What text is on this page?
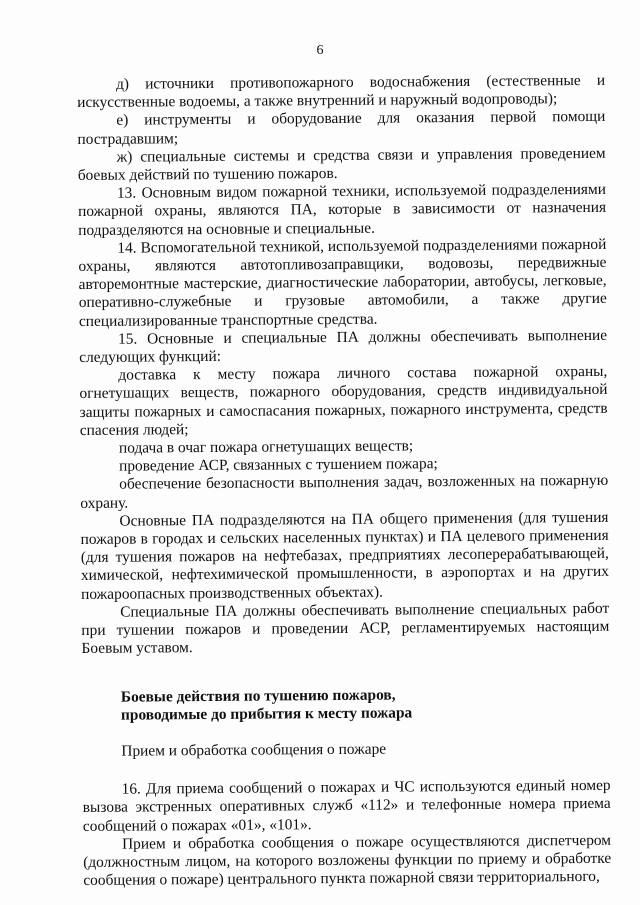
6

д) источники противопожарного водоснабжения (естественные и искусственные водоемы, а также внутренний и наружный водопроводы);

е) инструменты и оборудование для оказания первой помощи пострадавшим;

ж) специальные системы и средства связи и управления проведением боевых действий по тушению пожаров.

13. Основным видом пожарной техники, используемой подразделениями пожарной охраны, являются ПА, которые в зависимости от назначения подразделяются на основные и специальные.

14. Вспомогательной техникой, используемой подразделениями пожарной охраны, являются автотопливозаправщики, водовозы, передвижные авторемонтные мастерские, диагностические лаборатории, автобусы, легковые, оперативно-служебные и грузовые автомобили, а также другие специализированные транспортные средства.

15. Основные и специальные ПА должны обеспечивать выполнение следующих функций:

доставка к месту пожара личного состава пожарной охраны, огнетушащих веществ, пожарного оборудования, средств индивидуальной защиты пожарных и самоспасания пожарных, пожарного инструмента, средств спасения людей;

подача в очаг пожара огнетушащих веществ;

проведение АСР, связанных с тушением пожара;

обеспечение безопасности выполнения задач, возложенных на пожарную охрану.

Основные ПА подразделяются на ПА общего применения (для тушения пожаров в городах и сельских населенных пунктах) и ПА целевого применения (для тушения пожаров на нефтебазах, предприятиях лесоперерабатывающей, химической, нефтехимической промышленности, в аэропортах и на других пожароопасных производственных объектах).

Специальные ПА должны обеспечивать выполнение специальных работ при тушении пожаров и проведении АСР, регламентируемых настоящим Боевым уставом.

Боевые действия по тушению пожаров,

проводимые до прибытия к месту пожара

Прием и обработка сообщения о пожаре

16. Для приема сообщений о пожарах и ЧС используются единый номер вызова экстренных оперативных служб «112» и телефонные номера приема сообщений о пожарах «01», «101».

Прием и обработка сообщения о пожаре осуществляются диспетчером (должностным лицом, на которого возложены функции по приему и обработке сообщения о пожаре) центрального пункта пожарной связи территориального,
